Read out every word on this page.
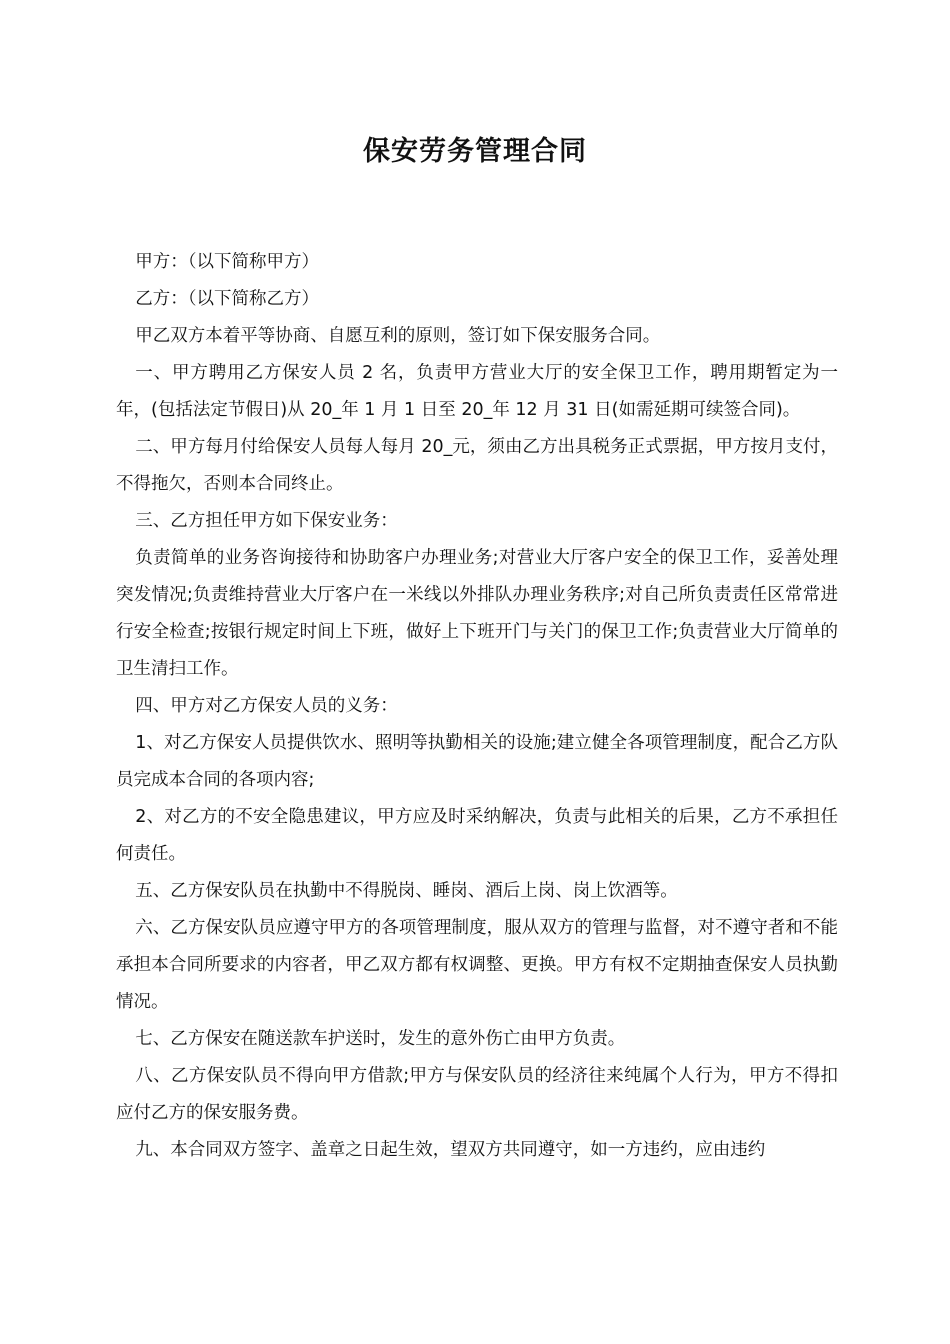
保安劳务管理合同

甲方：（以下简称甲方）

乙方：（以下简称乙方）

甲乙双方本着平等协商、自愿互利的原则，签订如下保安服务合同。

一、甲方聘用乙方保安人员 2 名，负责甲方营业大厅的安全保卫工作，聘用期暂定为一年，(包括法定节假日)从 20_年 1 月 1 日至 20_年 12 月 31 日(如需延期可续签合同)。

二、甲方每月付给保安人员每人每月 20_元，须由乙方出具税务正式票据，甲方按月支付，不得拖欠，否则本合同终止。

三、乙方担任甲方如下保安业务：

负责简单的业务咨询接待和协助客户办理业务;对营业大厅客户安全的保卫工作，妥善处理突发情况;负责维持营业大厅客户在一米线以外排队办理业务秩序;对自己所负责责任区常常进行安全检查;按银行规定时间上下班，做好上下班开门与关门的保卫工作;负责营业大厅简单的卫生清扫工作。

四、甲方对乙方保安人员的义务：

1、对乙方保安人员提供饮水、照明等执勤相关的设施;建立健全各项管理制度，配合乙方队员完成本合同的各项内容;

2、对乙方的不安全隐患建议，甲方应及时采纳解决，负责与此相关的后果，乙方不承担任何责任。

五、乙方保安队员在执勤中不得脱岗、睡岗、酒后上岗、岗上饮酒等。

六、乙方保安队员应遵守甲方的各项管理制度，服从双方的管理与监督，对不遵守者和不能承担本合同所要求的内容者，甲乙双方都有权调整、更换。甲方有权不定期抽查保安人员执勤情况。

七、乙方保安在随送款车护送时，发生的意外伤亡由甲方负责。

八、乙方保安队员不得向甲方借款;甲方与保安队员的经济往来纯属个人行为，甲方不得扣应付乙方的保安服务费。

九、本合同双方签字、盖章之日起生效，望双方共同遵守，如一方违约，应由违约
